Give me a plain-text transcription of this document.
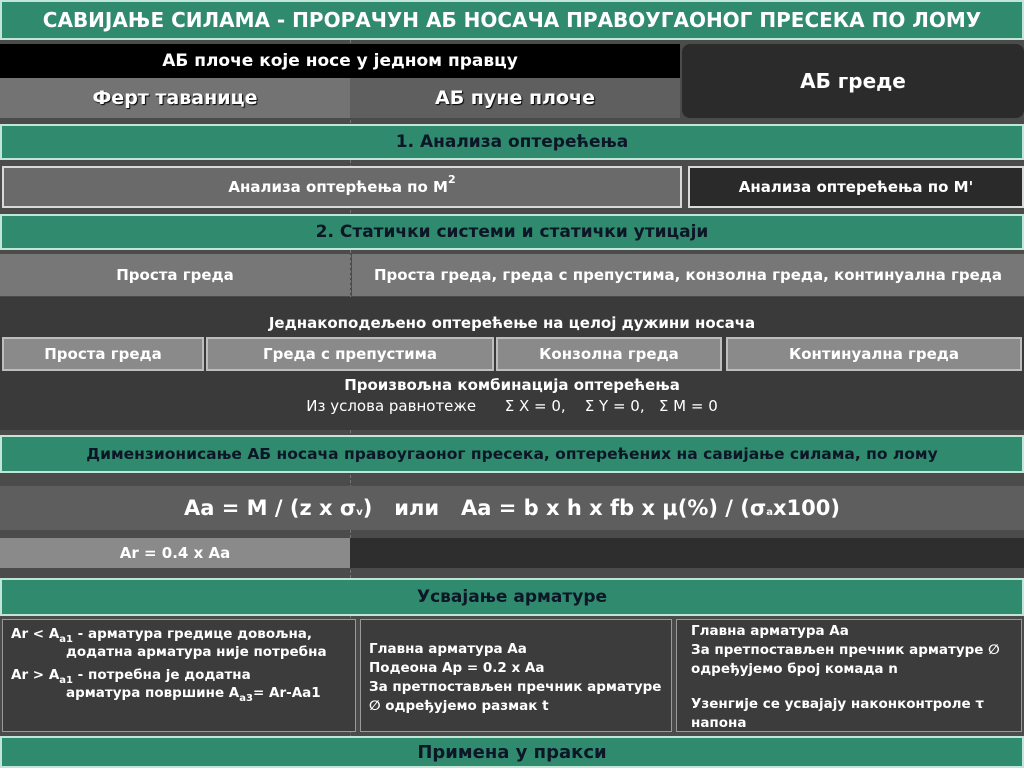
САВИЈАЊЕ СИЛАМА - ПРОРАЧУН АБ НОСАЧА ПРАВОУГАОНОГ ПРЕСЕКА ПО ЛОМУ
АБ плоче које носе у једном правцу
Ферт таванице	АБ пуне плоче
АБ греде
1. Анализа оптерећења
Анализа оптерћења по М 2	Анализа оптерећења по М'
2. Статички системи и статички утицаји
Проста греда	Проста греда, греда с препустима, конзолна греда, континуална греда
Једнакоподељено оптерећење на целој дужини носача
Проста греда	Греда с препустима	Конзолна греда	Континуална греда
Произвољна комбинација оптерећења
Из услова равнотеже      Σ X = 0,    Σ Y = 0,   Σ M = 0
Димензионисање АБ носача правоугаоног пресека, оптерећених на савијање силама, по лому
Aa = M / (z x σ v )   или   Aa = b x h x fb x μ(%) / (σ a x100)
Ar = 0.4 x Aa
Усвајање арматуре
$Ar < A_{a1}$ - арматура гредице довољна,
додатна арматура није потребна
$Ar > A_{a1}$ - потребна је додатна
арматура површине $A_{a3}= Ar-Aa1$
Главна арматура Aa
Подеона Ap = 0.2 x Aa
За претпостављен пречник арматуре
∅ одређујемо размак t
Главна арматура Aa
За претпостављен пречник арматуре ∅
одређујемо број комада n
Узенгије се усвајају наконконтроле τ
напона
Примена у пракси
